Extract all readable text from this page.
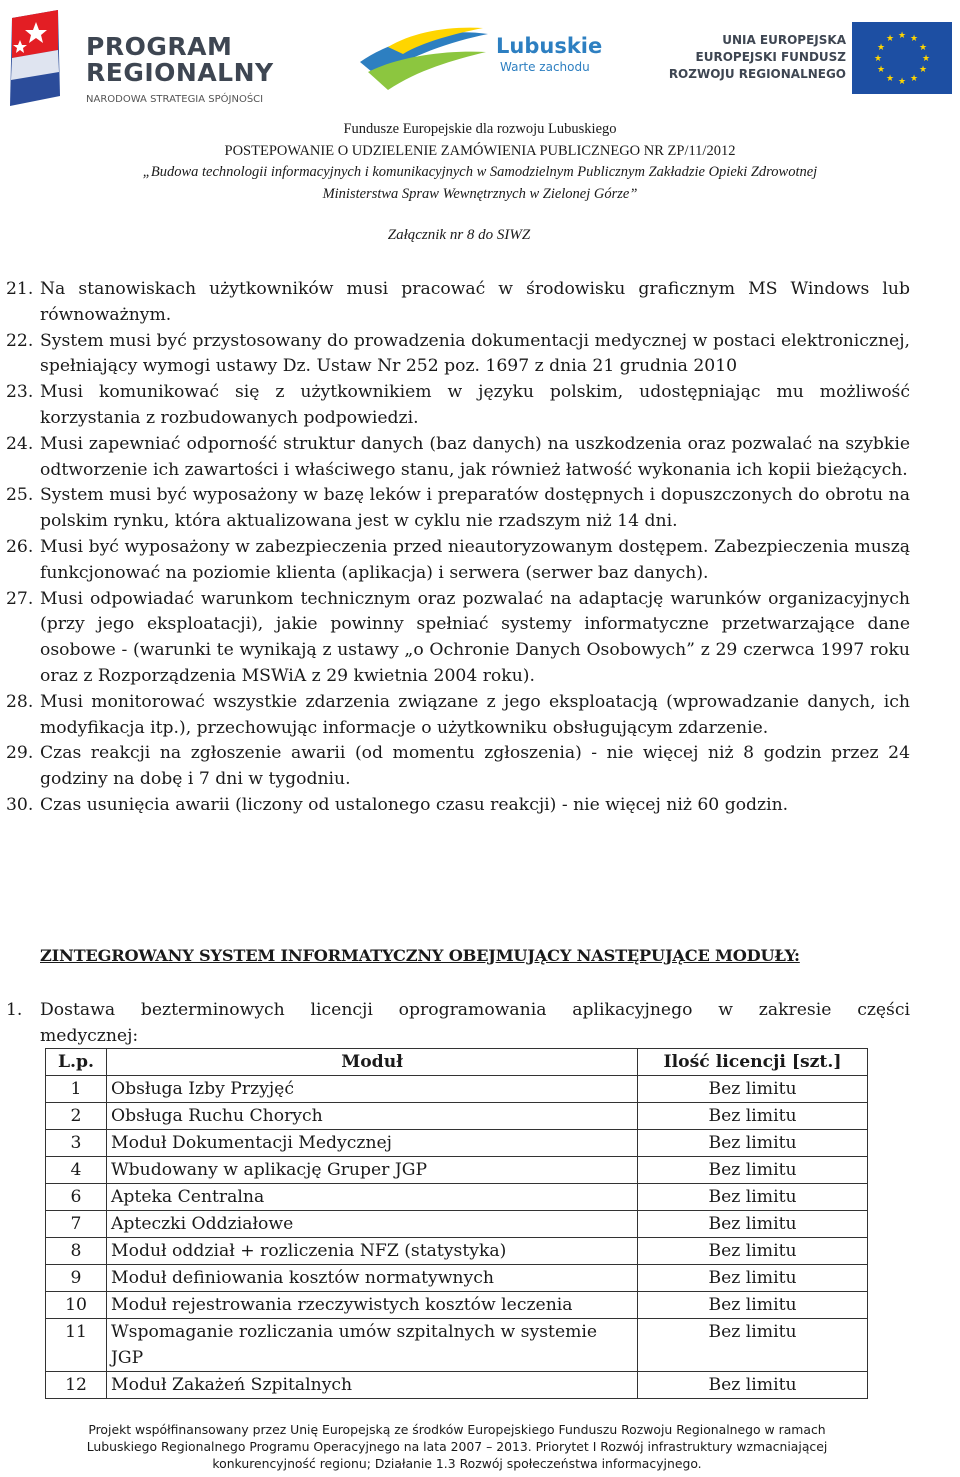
PROGRAM
REGIONALNY
NARODOWA STRATEGIA SPÓJNOŚCI
Lubuskie
Warte zachodu
UNIA EUROPEJSKA
EUROPEJSKI FUNDUSZ
ROZWOJU REGIONALNEGO
★ ★
★
★
★
★
★
★
★
★
★
★
Fundusze Europejskie dla rozwoju Lubuskiego
POSTEPOWANIE O UDZIELENIE ZAMÓWIENIA PUBLICZNEGO NR ZP/11/2012
„Budowa technologii informacyjnych i komunikacyjnych w Samodzielnym Publicznym Zakładzie Opieki Zdrowotnej
Ministerstwa Spraw Wewnętrznych w Zielonej Górze”
Załącznik nr 8 do SIWZ
21. Na stanowiskach użytkowników musi pracować w środowisku graficznym MS Windows lub równoważnym.
22. System musi być przystosowany do prowadzenia dokumentacji medycznej w postaci elektronicznej, spełniający wymogi ustawy Dz. Ustaw Nr 252 poz. 1697 z dnia 21 grudnia 2010
23. Musi komunikować się z użytkownikiem w języku polskim, udostępniając mu możliwość korzystania z rozbudowanych podpowiedzi.
24. Musi zapewniać odporność struktur danych (baz danych) na uszkodzenia oraz pozwalać na szybkie odtworzenie ich zawartości i właściwego stanu, jak również łatwość wykonania ich kopii bieżących.
25. System musi być wyposażony w bazę leków i preparatów dostępnych i dopuszczonych do obrotu na polskim rynku, która aktualizowana jest w cyklu nie rzadszym niż 14 dni.
26. Musi być wyposażony w zabezpieczenia przed nieautoryzowanym dostępem. Zabezpieczenia muszą funkcjonować na poziomie klienta (aplikacja) i serwera (serwer baz danych).
27. Musi odpowiadać warunkom technicznym oraz pozwalać na adaptację warunków organizacyjnych (przy jego eksploatacji), jakie powinny spełniać systemy informatyczne przetwarzające dane osobowe - (warunki te wynikają z ustawy „o Ochronie Danych Osobowych” z 29 czerwca 1997 roku oraz z Rozporządzenia MSWiA z 29 kwietnia 2004 roku).
28. Musi monitorować wszystkie zdarzenia związane z jego eksploatacją (wprowadzanie danych, ich modyfikacja itp.), przechowując informacje o użytkowniku obsługującym zdarzenie.
29. Czas reakcji na zgłoszenie awarii (od momentu zgłoszenia) - nie więcej niż 8 godzin przez 24 godziny na dobę i 7 dni w tygodniu.
30. Czas usunięcia awarii (liczony od ustalonego czasu reakcji) - nie więcej niż 60 godzin.
ZINTEGROWANY SYSTEM INFORMATYCZNY OBEJMUJĄCY NASTĘPUJĄCE MODUŁY:
1.	Dostawa bezterminowych licencji oprogramowania aplikacyjnego w zakresie części medycznej:
L.p.	Moduł	Ilość licencji [szt.]
1	Obsługa Izby Przyjęć	Bez limitu
2	Obsługa Ruchu Chorych	Bez limitu
3	Moduł Dokumentacji Medycznej	Bez limitu
4	Wbudowany w aplikację Gruper JGP	Bez limitu
6	Apteka Centralna	Bez limitu
7	Apteczki Oddziałowe	Bez limitu
8	Moduł oddział + rozliczenia NFZ (statystyka)	Bez limitu
9	Moduł definiowania kosztów normatywnych	Bez limitu
10	Moduł rejestrowania rzeczywistych kosztów leczenia	Bez limitu
11	Wspomaganie rozliczania umów szpitalnych w systemie JGP	Bez limitu
12	Moduł Zakażeń Szpitalnych	Bez limitu
Projekt współfinansowany przez Unię Europejską ze środków Europejskiego Funduszu Rozwoju Regionalnego w ramach
Lubuskiego Regionalnego Programu Operacyjnego na lata 2007 – 2013. Priorytet I Rozwój infrastruktury wzmacniającej
konkurencyjność regionu; Działanie 1.3 Rozwój społeczeństwa informacyjnego.
